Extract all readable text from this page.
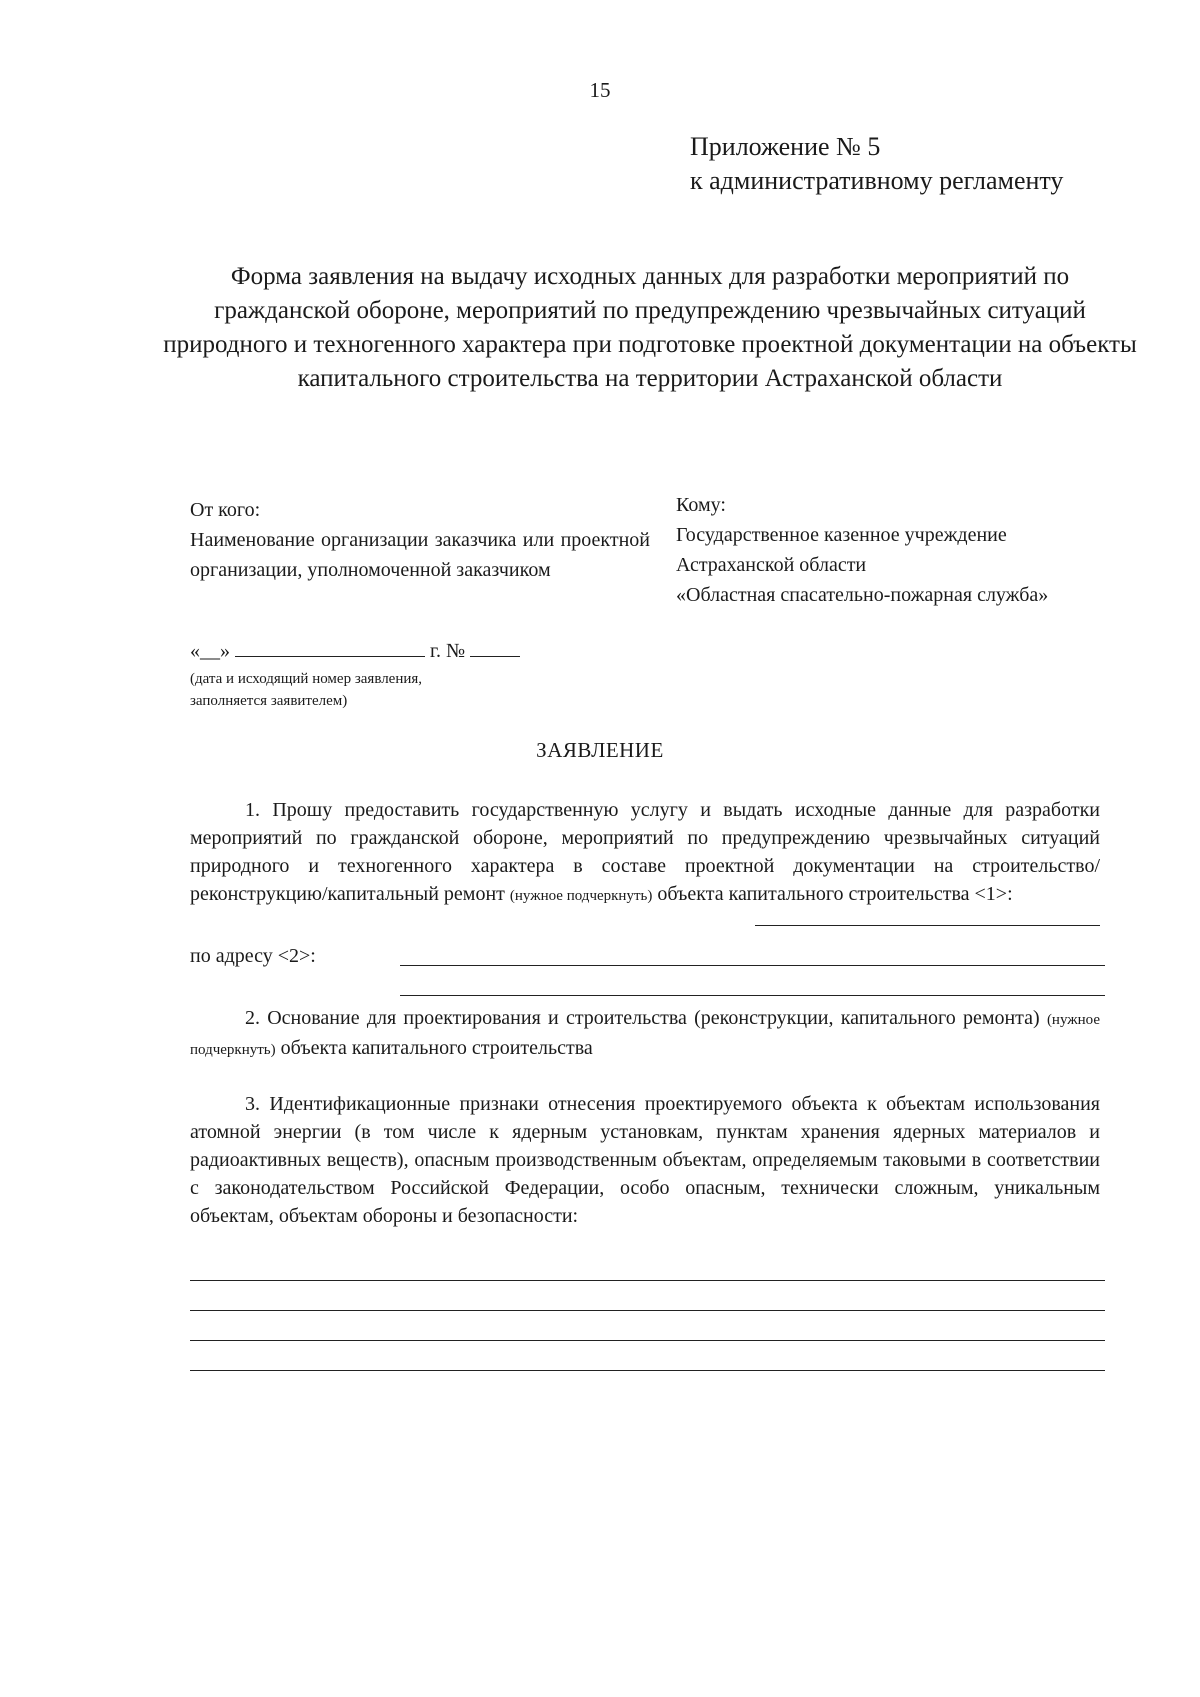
15
Приложение № 5
к административному регламенту
Форма заявления на выдачу исходных данных для разработки мероприятий по гражданской обороне, мероприятий по предупреждению чрезвычайных ситуаций природного и техногенного характера при подготовке проектной документации на объекты капитального строительства на территории Астраханской области
От кого:
Наименование организации заказчика или проектной организации, уполномоченной заказчиком
Кому:
Государственное казенное учреждение
Астраханской области
«Областная спасательно-пожарная служба»
«__»	г. №
(дата и исходящий номер заявления,
заполняется заявителем)
ЗАЯВЛЕНИЕ
1. Прошу предоставить государственную услугу и выдать исходные данные для разработки мероприятий по гражданской обороне, мероприятий по предупреждению чрезвычайных ситуаций природного и техногенного характера в составе проектной документации на строительство/реконструкцию/капитальный ремонт (нужное подчеркнуть) объекта капитального строительства <1>:
по адресу <2>:
2. Основание для проектирования и строительства (реконструкции, капитального ремонта) (нужное подчеркнуть) объекта капитального строительства
3. Идентификационные признаки отнесения проектируемого объекта к объектам использования атомной энергии (в том числе к ядерным установкам, пунктам хранения ядерных материалов и радиоактивных веществ), опасным производственным объектам, определяемым таковыми в соответствии с законодательством Российской Федерации, особо опасным, технически сложным, уникальным объектам, объектам обороны и безопасности:
